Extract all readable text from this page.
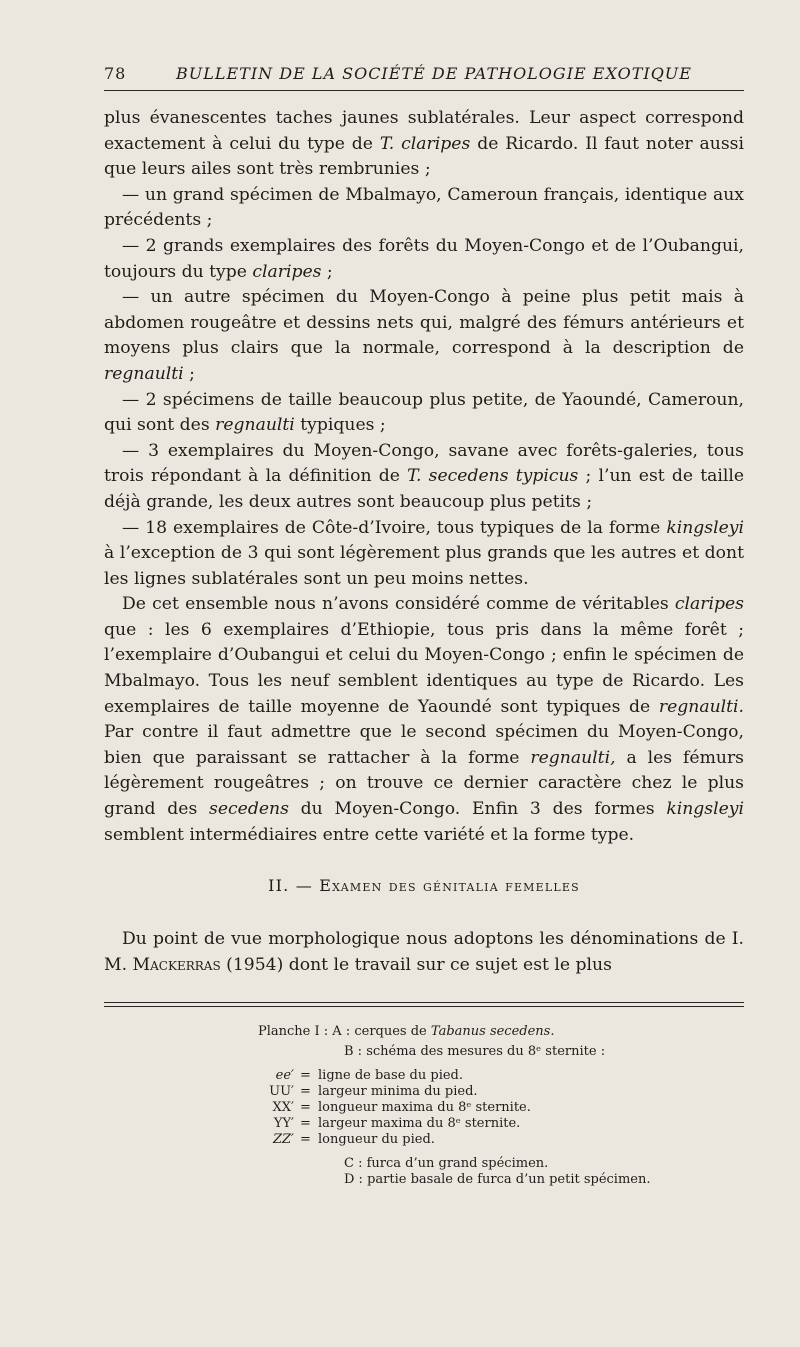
78	BULLETIN DE LA SOCIÉTÉ DE PATHOLOGIE EXOTIQUE

plus évanescentes taches jaunes sublatérales. Leur aspect correspond exactement à celui du type de T. claripes de Ricardo. Il faut noter aussi que leurs ailes sont très rembrunies ;

— un grand spécimen de Mbalmayo, Cameroun français, identique aux précédents ;

— 2 grands exemplaires des forêts du Moyen-Congo et de l’Oubangui, toujours du type claripes ;

— un autre spécimen du Moyen-Congo à peine plus petit mais à abdomen rougeâtre et dessins nets qui, malgré des fémurs antérieurs et moyens plus clairs que la normale, correspond à la description de regnaulti ;

— 2 spécimens de taille beaucoup plus petite, de Yaoundé, Cameroun, qui sont des regnaulti typiques ;

— 3 exemplaires du Moyen-Congo, savane avec forêts-galeries, tous trois répondant à la définition de T. secedens typicus ; l’un est de taille déjà grande, les deux autres sont beaucoup plus petits ;

— 18 exemplaires de Côte-d’Ivoire, tous typiques de la forme kingsleyi à l’exception de 3 qui sont légèrement plus grands que les autres et dont les lignes sublatérales sont un peu moins nettes.

De cet ensemble nous n’avons considéré comme de véritables claripes que : les 6 exemplaires d’Ethiopie, tous pris dans la même forêt ; l’exemplaire d’Oubangui et celui du Moyen-Congo ; enfin le spécimen de Mbalmayo. Tous les neuf semblent identiques au type de Ricardo. Les exemplaires de taille moyenne de Yaoundé sont typiques de regnaulti. Par contre il faut admettre que le second spécimen du Moyen-Congo, bien que paraissant se rattacher à la forme regnaulti, a les fémurs légèrement rougeâtres ; on trouve ce dernier caractère chez le plus grand des secedens du Moyen-Congo. Enfin 3 des formes kingsleyi semblent intermédiaires entre cette variété et la forme type.

II. — Examen des génitalia femelles

Du point de vue morphologique nous adoptons les dénominations de I. M. Mackerras (1954) dont le travail sur ce sujet est le plus

Planche I : A : cerques de Tabanus secedens.
B : schéma des mesures du 8ᵉ sternite :
ee′ = ligne de base du pied.
UU′ = largeur minima du pied.
XX′ = longueur maxima du 8ᵉ sternite.
YY′ = largeur maxima du 8ᵉ sternite.
ZZ′ = longueur du pied.
C : furca d’un grand spécimen.
D : partie basale de furca d’un petit spécimen.
